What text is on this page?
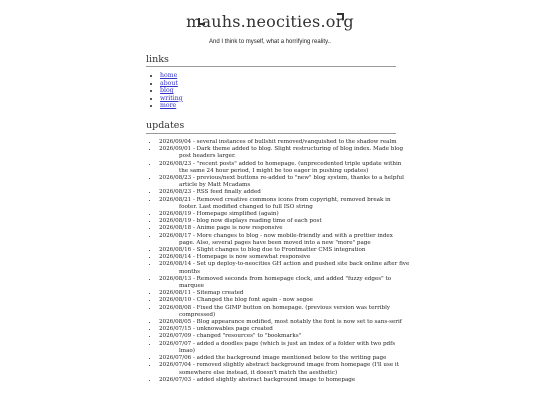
mauhs.neocities.org
And I think to myself, what a horrifying reality..
links
• home
• about
• blog
• writing
• more
updates
• 2026/09/04 - several instances of bullshit removed/vanquished to the shadow realm
• 2026/09/01 - Dark theme added to blog. Slight restructuring of blog index. Made blog post headers larger.
• 2026/08/23 - "recent posts" added to homepage. (unprecedented triple update within the same 24 hour period, I might be too eager in pushing updates)
• 2026/08/23 - previous/next buttons re-added to "new" blog system, thanks to a helpful article by Matt Mcadams
• 2026/08/23 - RSS feed finally added
• 2026/08/21 - Removed creative commons icons from copyright, removed break in footer. Last modified changed to full ISO string
• 2026/08/19 - Homepage simplified (again)
• 2026/08/19 - blog now displays reading time of each post
• 2026/08/18 - Anime page is now responsive
• 2026/08/17 - More changes to blog - now mobile-friendly and with a prettier index page. Also, several pages have been moved into a new "more" page
• 2026/08/16 - Slight changes to blog due to Frontmatter CMS integration
• 2026/08/14 - Homepage is now somewhat responsive
• 2026/08/14 - Set up deploy-to-neocities GH action and pushed site back online after five months
• 2026/08/13 - Removed seconds from homepage clock, and added "fuzzy edges" to marquee
• 2026/08/11 - Sitemap created
• 2026/08/10 - Changed the blog font again - now segoe
• 2026/08/08 - Fixed the GIMP button on homepage. (previous version was terribly compressed)
• 2026/08/05 - Blog appearance modified, most notably the font is now set to sans-serif
• 2026/07/15 - unknowables page created
• 2026/07/09 - changed "resources" to "bookmarks"
• 2026/07/07 - added a doodles page (which is just an index of a folder with two pdfs lmao)
• 2026/07/06 - added the background image mentioned below to the writing page
• 2026/07/04 - removed slightly abstract background image from homepage (I'll use it somewhere else instead, it doesn't match the aesthetic)
• 2026/07/03 - added slightly abstract background image to homepage
